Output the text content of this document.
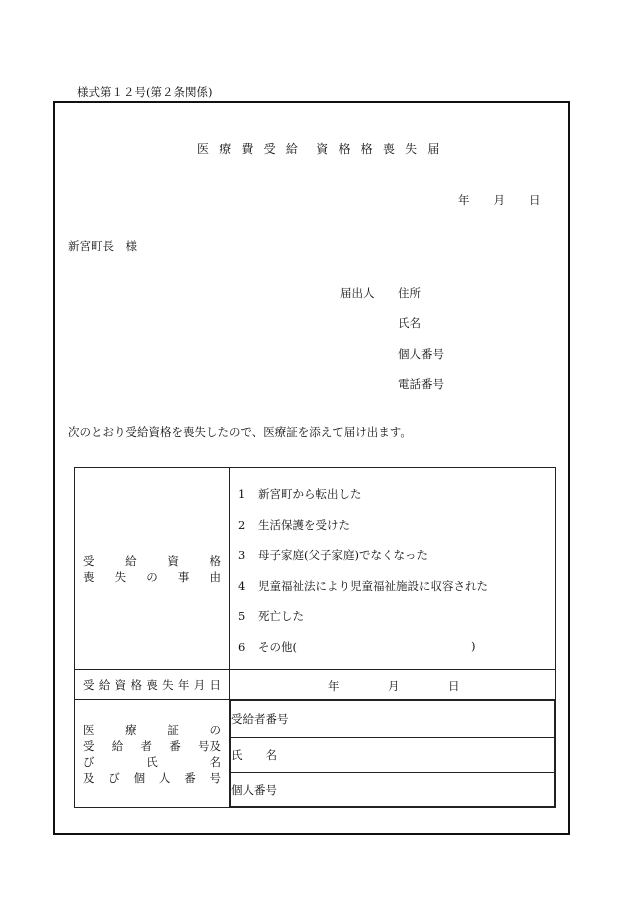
様式第１２号(第２条関係)
医 療 費 受 給　資 格 格 喪 失 届
年 月 日
新宮町長　様
届出人 住所
氏名
個人番号
電話番号
次のとおり受給資格を喪失したので、医療証を添えて届け出ます。
受	給	資	格
喪 失 の 事 由

1 新宮町から転出した
2 生活保護を受けた
3 母子家庭(父子家庭)でなくなった
4 児童福祉法により児童福祉施設に収容された
5 死亡した
6 その他(	)

受 給 資 格 喪 失 年 月 日	年	月	日

医	療	証	の
受 給 者 番 号及
び	氏	名
及 び 個 人 番 号

受給者番号
氏　　名
個人番号
